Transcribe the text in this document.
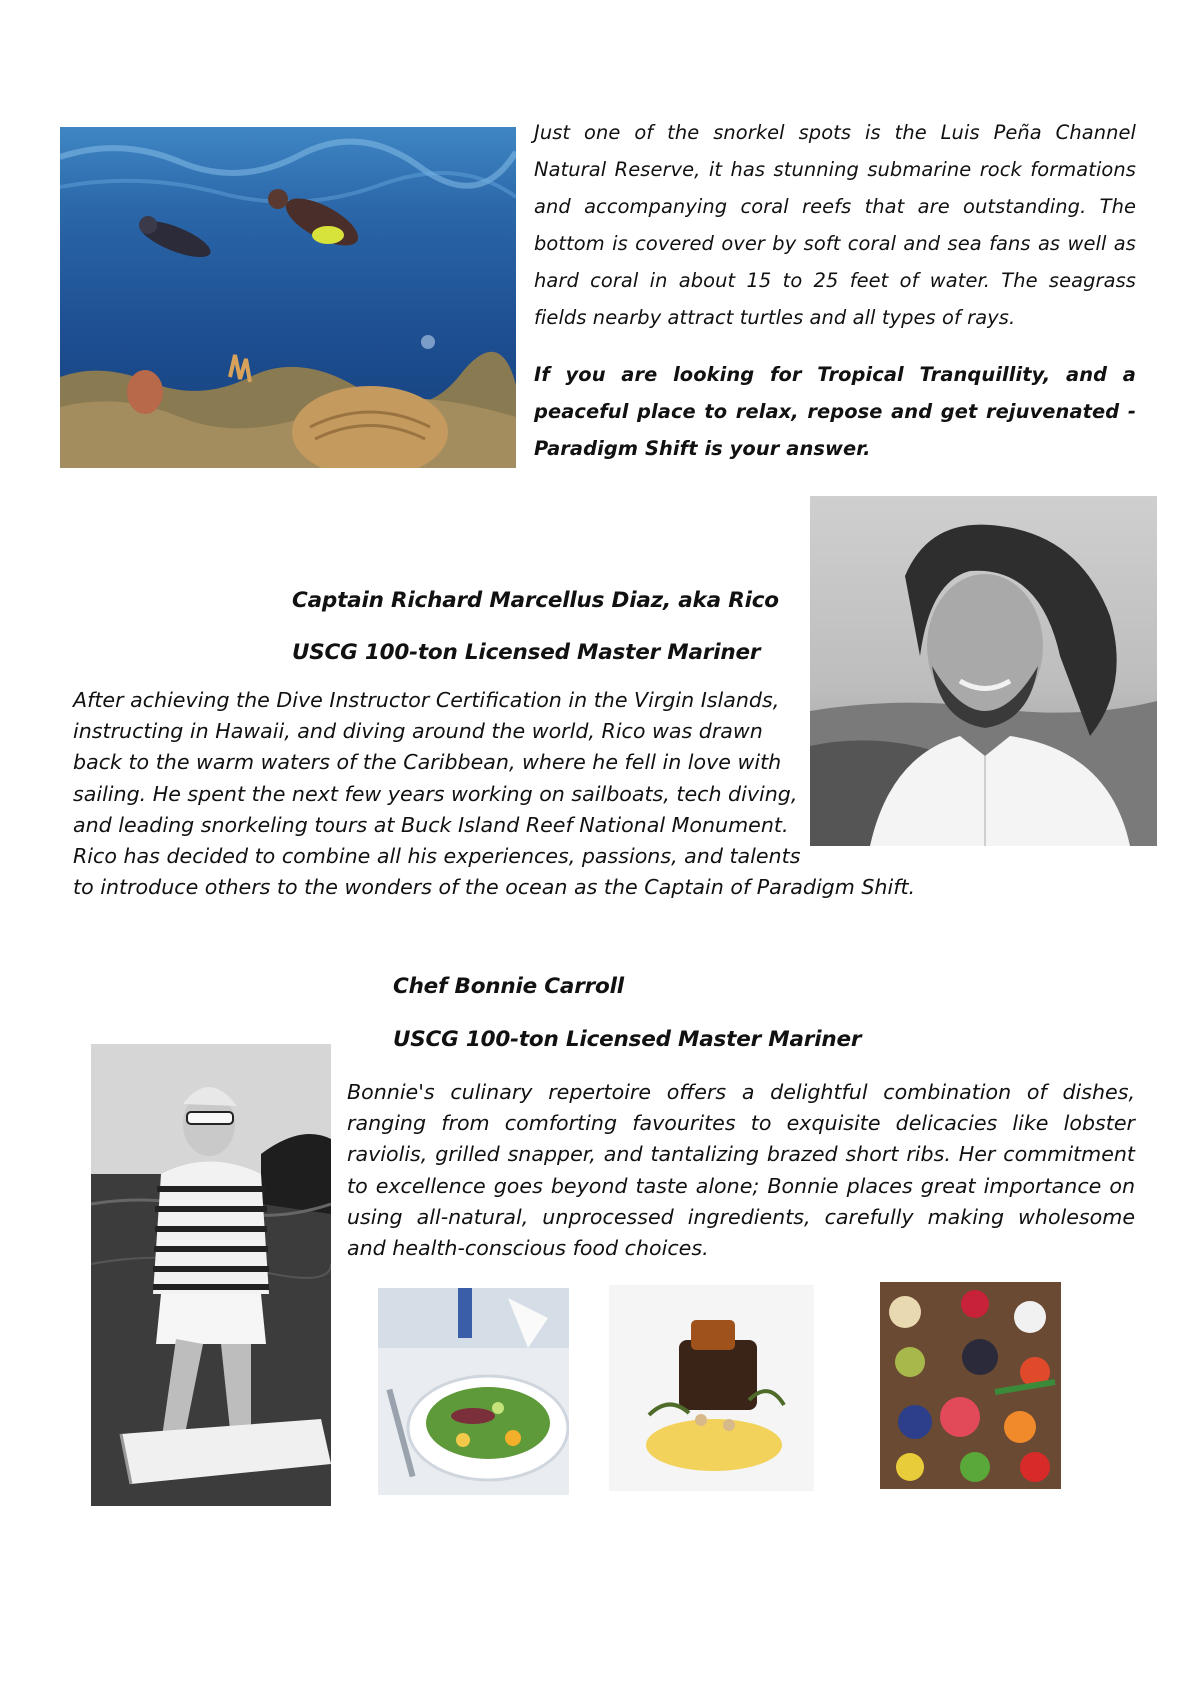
Just one of the snorkel spots is the Luis Peña Channel Natural Reserve, it has stunning submarine rock formations and accompanying coral reefs that are outstanding. The bottom is covered over by soft coral and sea fans as well as hard coral in about 15 to 25 feet of water. The seagrass fields nearby attract turtles and all types of rays.

If you are looking for Tropical Tranquillity, and a peaceful place to relax, repose and get rejuvenated - Paradigm Shift is your answer.

Captain Richard Marcellus Diaz, aka Rico
USCG 100-ton Licensed Master Mariner
After achieving the Dive Instructor Certification in the Virgin Islands,
instructing in Hawaii, and diving around the world, Rico was drawn
back to the warm waters of the Caribbean, where he fell in love with
sailing. He spent the next few years working on sailboats, tech diving,
and leading snorkeling tours at Buck Island Reef National Monument.
Rico has decided to combine all his experiences, passions, and talents
to introduce others to the wonders of the ocean as the Captain of Paradigm Shift.
Chef Bonnie Carroll
USCG 100-ton Licensed Master Mariner
Bonnie's culinary repertoire offers a delightful combination of dishes, ranging from comforting favourites to exquisite delicacies like lobster raviolis, grilled snapper, and tantalizing brazed short ribs. Her commitment to excellence goes beyond taste alone; Bonnie places great importance on using all-natural, unprocessed ingredients, carefully making wholesome and health-conscious food choices.
